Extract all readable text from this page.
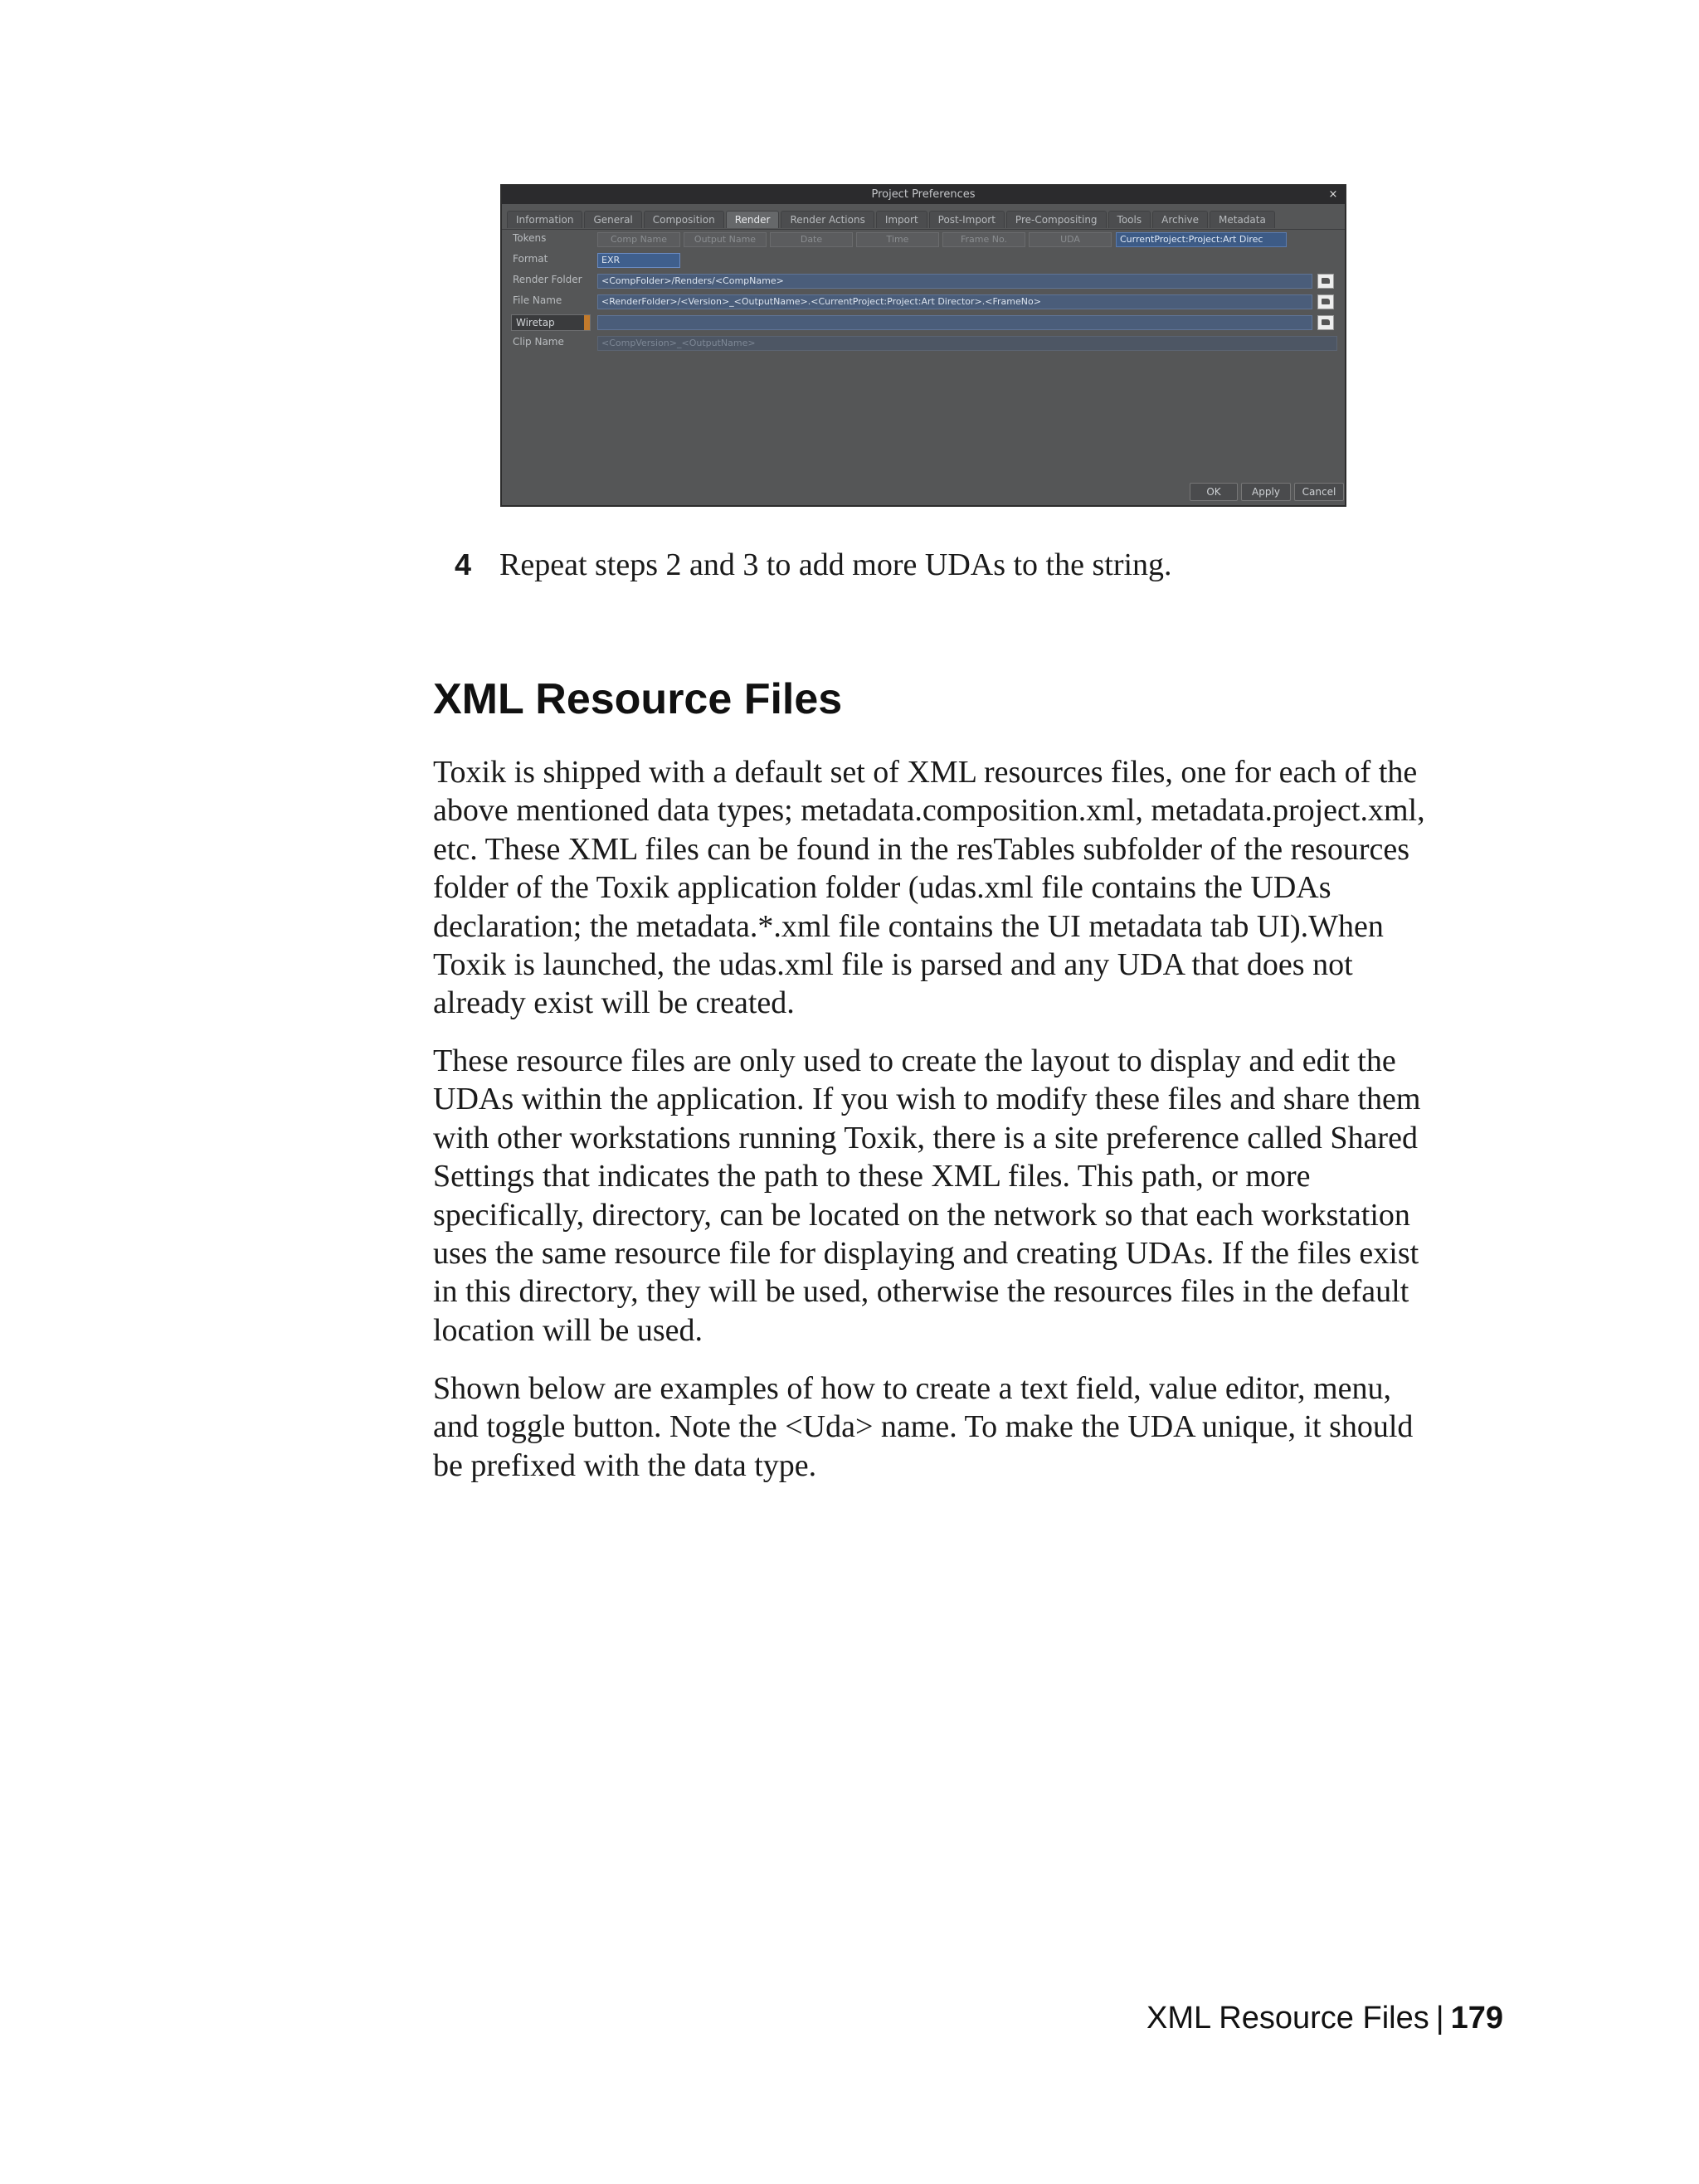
Project Preferences	×
Information	General	Composition	Render	Render Actions	Import	Post-Import	Pre-Compositing	Tools	Archive	Metadata
Tokens	Comp Name	Output Name	Date	Time	Frame No.	UDA	CurrentProject:Project:Art Direc
Format	EXR
Render Folder	<CompFolder>/Renders/<CompName>
File Name	<RenderFolder>/<Version>_<OutputName>.<CurrentProject:Project:Art Director>.<FrameNo>
Wiretap
Clip Name	<CompVersion>_<OutputName>
OK	Apply	Cancel
4 Repeat steps 2 and 3 to add more UDAs to the string.
XML Resource Files

Toxik is shipped with a default set of XML resources files, one for each of the
above mentioned data types; metadata.composition.xml, metadata.project.xml,
etc. These XML files can be found in the resTables subfolder of the resources
folder of the Toxik application folder (udas.xml file contains the UDAs
declaration; the metadata.*.xml file contains the UI metadata tab UI).When
Toxik is launched, the udas.xml file is parsed and any UDA that does not
already exist will be created.

These resource files are only used to create the layout to display and edit the
UDAs within the application. If you wish to modify these files and share them
with other workstations running Toxik, there is a site preference called Shared
Settings that indicates the path to these XML files. This path, or more
specifically, directory, can be located on the network so that each workstation
uses the same resource file for displaying and creating UDAs. If the files exist
in this directory, they will be used, otherwise the resources files in the default
location will be used.

Shown below are examples of how to create a text field, value editor, menu,
and toggle button. Note the <Uda> name. To make the UDA unique, it should
be prefixed with the data type.

XML Resource Files | 179
